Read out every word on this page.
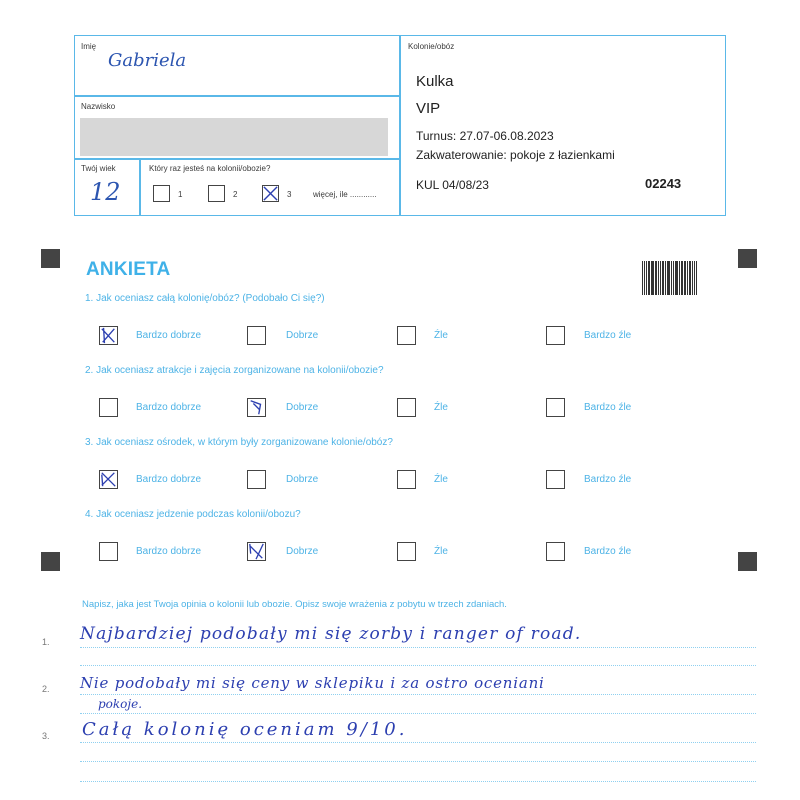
Imię
Gabriela
Nazwisko
Twój wiek
12
Który raz jesteś na kolonii/obozie?
1	2	3	więcej, ile ............
Kolonie/obóz
Kulka
VIP
Turnus: 27.07-06.08.2023
Zakwaterowanie: pokoje z łazienkami
KUL 04/08/23	02243
ANKIETA
1. Jak oceniasz całą kolonię/obóz? (Podobało Ci się?)
Bardzo dobrze	Dobrze	Źle	Bardzo źle
2. Jak oceniasz atrakcje i zajęcia zorganizowane na kolonii/obozie?
Bardzo dobrze	Dobrze	Źle	Bardzo źle
3. Jak oceniasz ośrodek, w którym były zorganizowane kolonie/obóz?
Bardzo dobrze	Dobrze	Źle	Bardzo źle
4. Jak oceniasz jedzenie podczas kolonii/obozu?
Bardzo dobrze	Dobrze	Źle	Bardzo źle
Napisz, jaka jest Twoja opinia o kolonii lub obozie. Opisz swoje wrażenia z pobytu w trzech zdaniach.
1. Najbardziej podobały mi się zorby i ranger of road.
2. Nie podobały mi się ceny w sklepiku i za ostro oceniani
pokoje.
3. Całą kolonię oceniam 9/10.
